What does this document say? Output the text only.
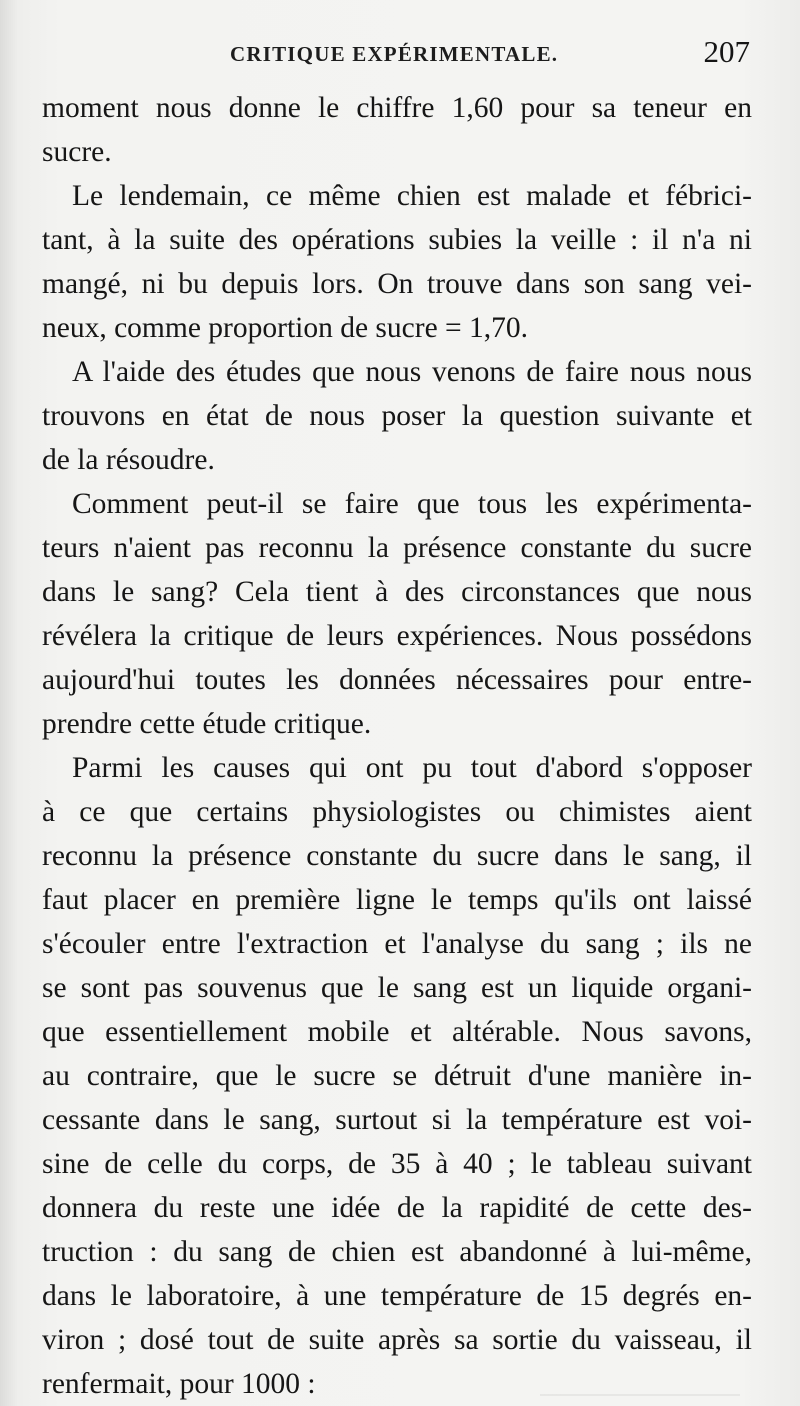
CRITIQUE EXPÉRIMENTALE.	207
moment nous donne le chiffre 1,60 pour sa teneur en
sucre.
Le lendemain, ce même chien est malade et fébrici-
tant, à la suite des opérations subies la veille : il n'a ni
mangé, ni bu depuis lors. On trouve dans son sang vei-
neux, comme proportion de sucre = 1,70.
A l'aide des études que nous venons de faire nous nous
trouvons en état de nous poser la question suivante et
de la résoudre.
Comment peut-il se faire que tous les expérimenta-
teurs n'aient pas reconnu la présence constante du sucre
dans le sang? Cela tient à des circonstances que nous
révélera la critique de leurs expériences. Nous possédons
aujourd'hui toutes les données nécessaires pour entre-
prendre cette étude critique.
Parmi les causes qui ont pu tout d'abord s'opposer
à ce que certains physiologistes ou chimistes aient
reconnu la présence constante du sucre dans le sang, il
faut placer en première ligne le temps qu'ils ont laissé
s'écouler entre l'extraction et l'analyse du sang ; ils ne
se sont pas souvenus que le sang est un liquide organi-
que essentiellement mobile et altérable. Nous savons,
au contraire, que le sucre se détruit d'une manière in-
cessante dans le sang, surtout si la température est voi-
sine de celle du corps, de 35 à 40 ; le tableau suivant
donnera du reste une idée de la rapidité de cette des-
truction : du sang de chien est abandonné à lui-même,
dans le laboratoire, à une température de 15 degrés en-
viron ; dosé tout de suite après sa sortie du vaisseau, il
renfermait, pour 1000 :
